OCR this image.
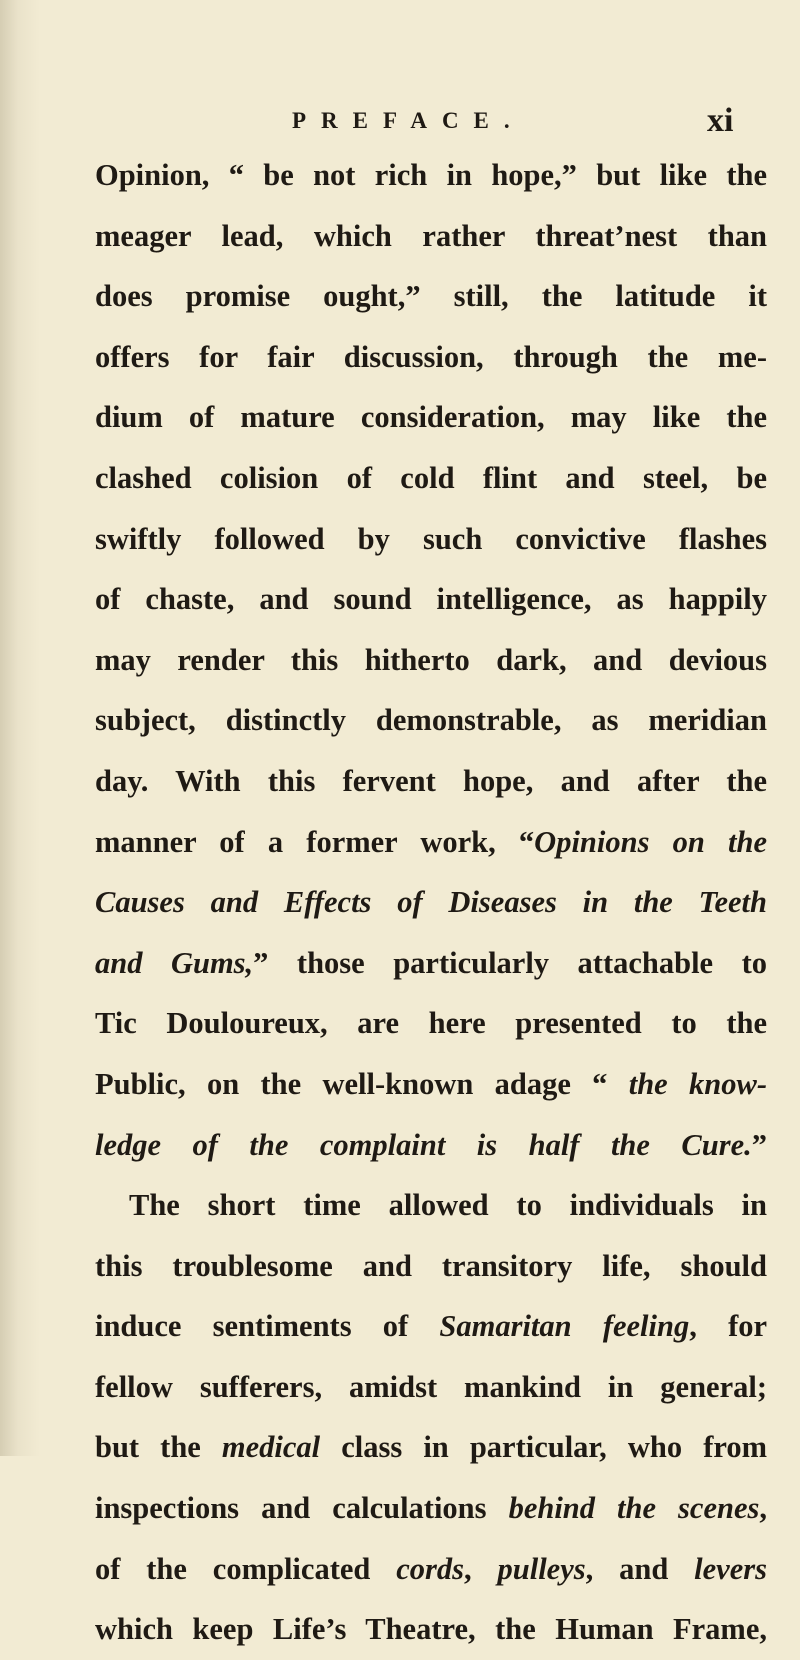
PREFACE.	xi
Opinion, “ be not rich in hope,” but like the
meager lead, which rather threat’nest than
does promise ought,” still, the latitude it
offers for fair discussion, through the me-
dium of mature consideration, may like the
clashed colision of cold flint and steel, be
swiftly followed by such convictive flashes
of chaste, and sound intelligence, as happily
may render this hitherto dark, and devious
subject, distinctly demonstrable, as meridian
day. With this fervent hope, and after the
manner of a former work, “Opinions on the
Causes and Effects of Diseases in the Teeth
and Gums,” those particularly attachable to
Tic Douloureux, are here presented to the
Public, on the well-known adage “ the know-
ledge of the complaint is half the Cure.”
The short time allowed to individuals in
this troublesome and transitory life, should
induce sentiments of Samaritan feeling, for
fellow sufferers, amidst mankind in general;
but the medical class in particular, who from
inspections and calculations behind the scenes,
of the complicated cords, pulleys, and levers
which keep Life’s Theatre, the Human Frame,
